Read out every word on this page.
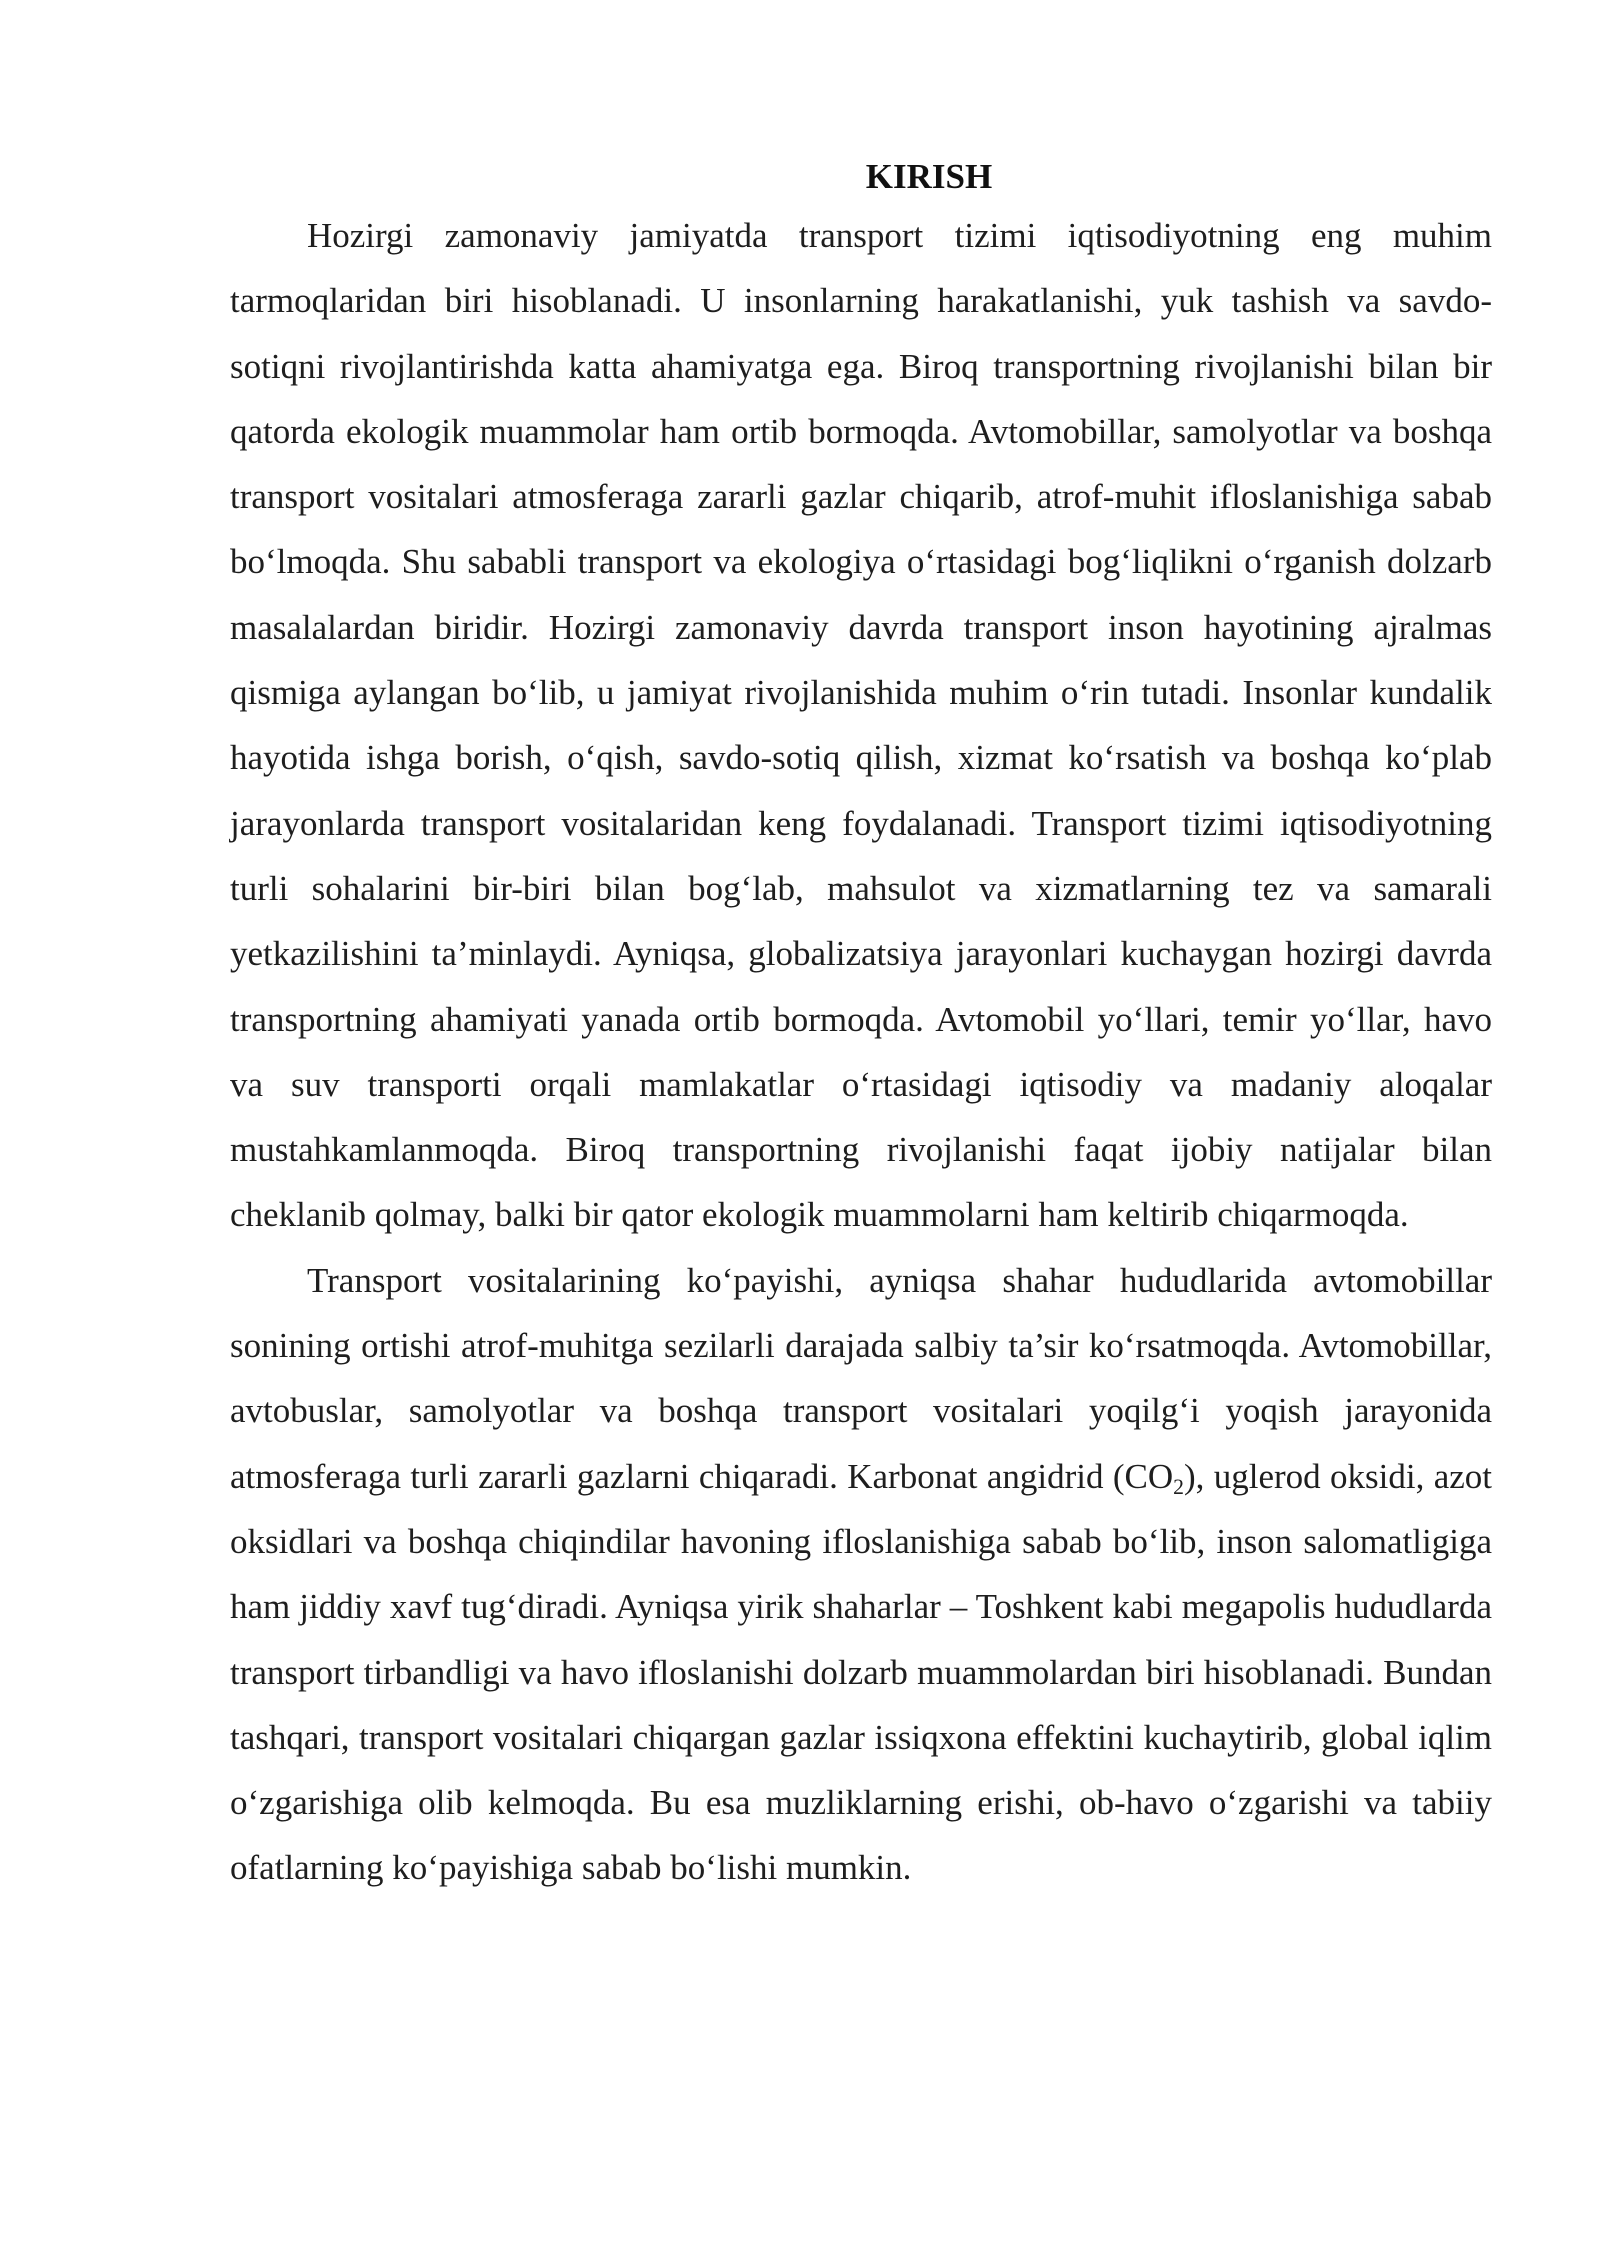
KIRISH

Hozirgi zamonaviy jamiyatda transport tizimi iqtisodiyotning eng muhim tarmoqlaridan biri hisoblanadi. U insonlarning harakatlanishi, yuk tashish va savdo-sotiqni rivojlantirishda katta ahamiyatga ega. Biroq transportning rivojlanishi bilan bir qatorda ekologik muammolar ham ortib bormoqda. Avtomobillar, samolyotlar va boshqa transport vositalari atmosferaga zararli gazlar chiqarib, atrof-muhit ifloslanishiga sabab bo‘lmoqda. Shu sababli transport va ekologiya o‘rtasidagi bog‘liqlikni o‘rganish dolzarb masalalardan biridir. Hozirgi zamonaviy davrda transport inson hayotining ajralmas qismiga aylangan bo‘lib, u jamiyat rivojlanishida muhim o‘rin tutadi. Insonlar kundalik hayotida ishga borish, o‘qish, savdo-sotiq qilish, xizmat ko‘rsatish va boshqa ko‘plab jarayonlarda transport vositalaridan keng foydalanadi. Transport tizimi iqtisodiyotning turli sohalarini bir-biri bilan bog‘lab, mahsulot va xizmatlarning tez va samarali yetkazilishini ta’minlaydi. Ayniqsa, globalizatsiya jarayonlari kuchaygan hozirgi davrda transportning ahamiyati yanada ortib bormoqda. Avtomobil yo‘llari, temir yo‘llar, havo va suv transporti orqali mamlakatlar o‘rtasidagi iqtisodiy va madaniy aloqalar mustahkamlanmoqda. Biroq transportning rivojlanishi faqat ijobiy natijalar bilan cheklanib qolmay, balki bir qator ekologik muammolarni ham keltirib chiqarmoqda.

Transport vositalarining ko‘payishi, ayniqsa shahar hududlarida avtomobillar sonining ortishi atrof-muhitga sezilarli darajada salbiy ta’sir ko‘rsatmoqda. Avtomobillar, avtobuslar, samolyotlar va boshqa transport vositalari yoqilg‘i yoqish jarayonida atmosferaga turli zararli gazlarni chiqaradi. Karbonat angidrid $(CO_2)$, uglerod oksidi, azot oksidlari va boshqa chiqindilar havoning ifloslanishiga sabab bo‘lib, inson salomatligiga ham jiddiy xavf tug‘diradi. Ayniqsa yirik shaharlar – Toshkent kabi megapolis hududlarda transport tirbandligi va havo ifloslanishi dolzarb muammolardan biri hisoblanadi. Bundan tashqari, transport vositalari chiqargan gazlar issiqxona effektini kuchaytirib, global iqlim o‘zgarishiga olib kelmoqda. Bu esa muzliklarning erishi, ob-havo o‘zgarishi va tabiiy ofatlarning ko‘payishiga sabab bo‘lishi mumkin.
